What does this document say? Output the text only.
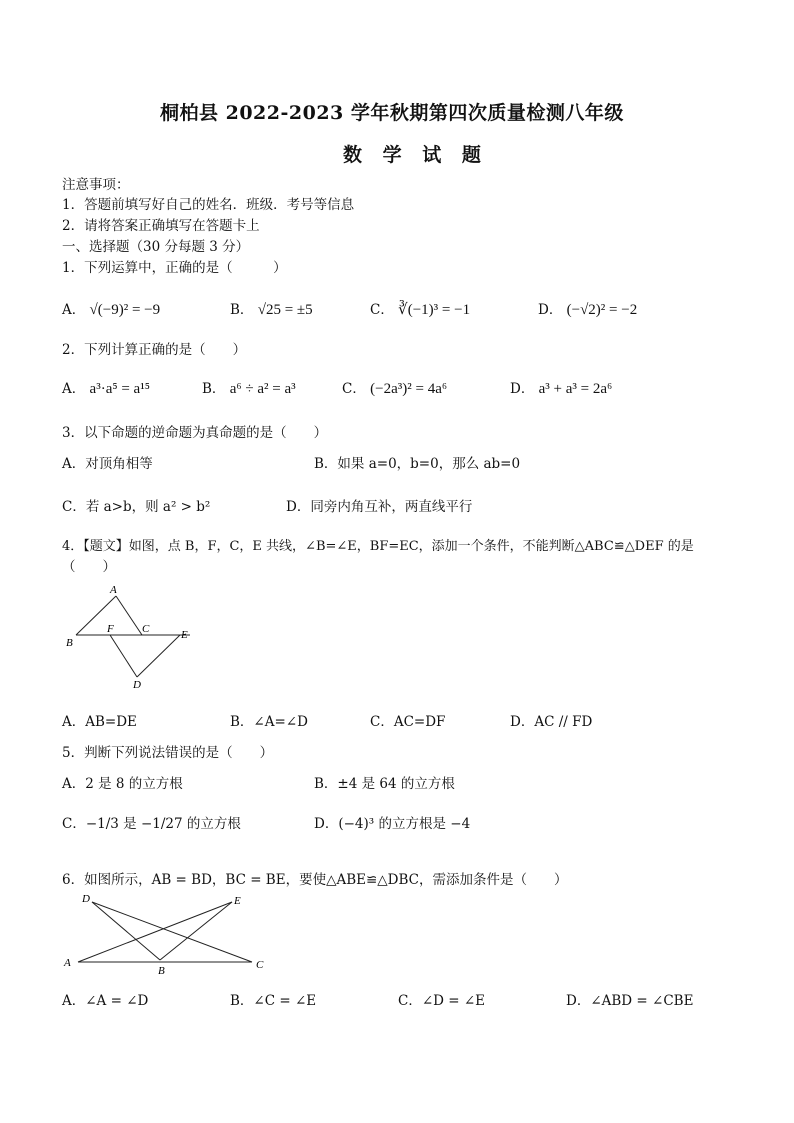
桐柏县 2022-2023 学年秋期第四次质量检测八年级
数 学 试 题
注意事项：
1．答题前填写好自己的姓名．班级．考号等信息
2．请将答案正确填写在答题卡上
一、选择题（30 分每题 3 分）
1．下列运算中，正确的是（　　　）
A． √(−9)² = −9	B． √25 = ±5	C． ∛(−1)³ = −1	D． (−√2)² = −2
2．下列计算正确的是（　　）
A． a³·a⁵ = a¹⁵	B． a⁶ ÷ a² = a³	C． (−2a³)² = 4a⁶	D． a³ + a³ = 2a⁶
3．以下命题的逆命题为真命题的是（　　）
A．对顶角相等	B．如果 a=0，b=0，那么 ab=0
C．若 a>b，则 a² > b²	D．同旁内角互补，两直线平行
4．【题文】如图，点 B，F，C，E 共线，∠B=∠E，BF=EC，添加一个条件，不能判断△ABC≌△DEF 的是
（　　）
A
B
F	C	E
D
A．AB=DE	B．∠A=∠D	C．AC=DF	D．AC // FD
5．判断下列说法错误的是（　　）
A．2 是 8 的立方根	B．±4 是 64 的立方根
C．−1/3 是 −1/27 的立方根	D．(−4)³ 的立方根是 −4
6．如图所示，AB = BD，BC = BE，要使△ABE≌△DBC，需添加条件是（　　）
D	E
A
B	C
A．∠A = ∠D	B．∠C = ∠E	C．∠D = ∠E	D．∠ABD = ∠CBE
